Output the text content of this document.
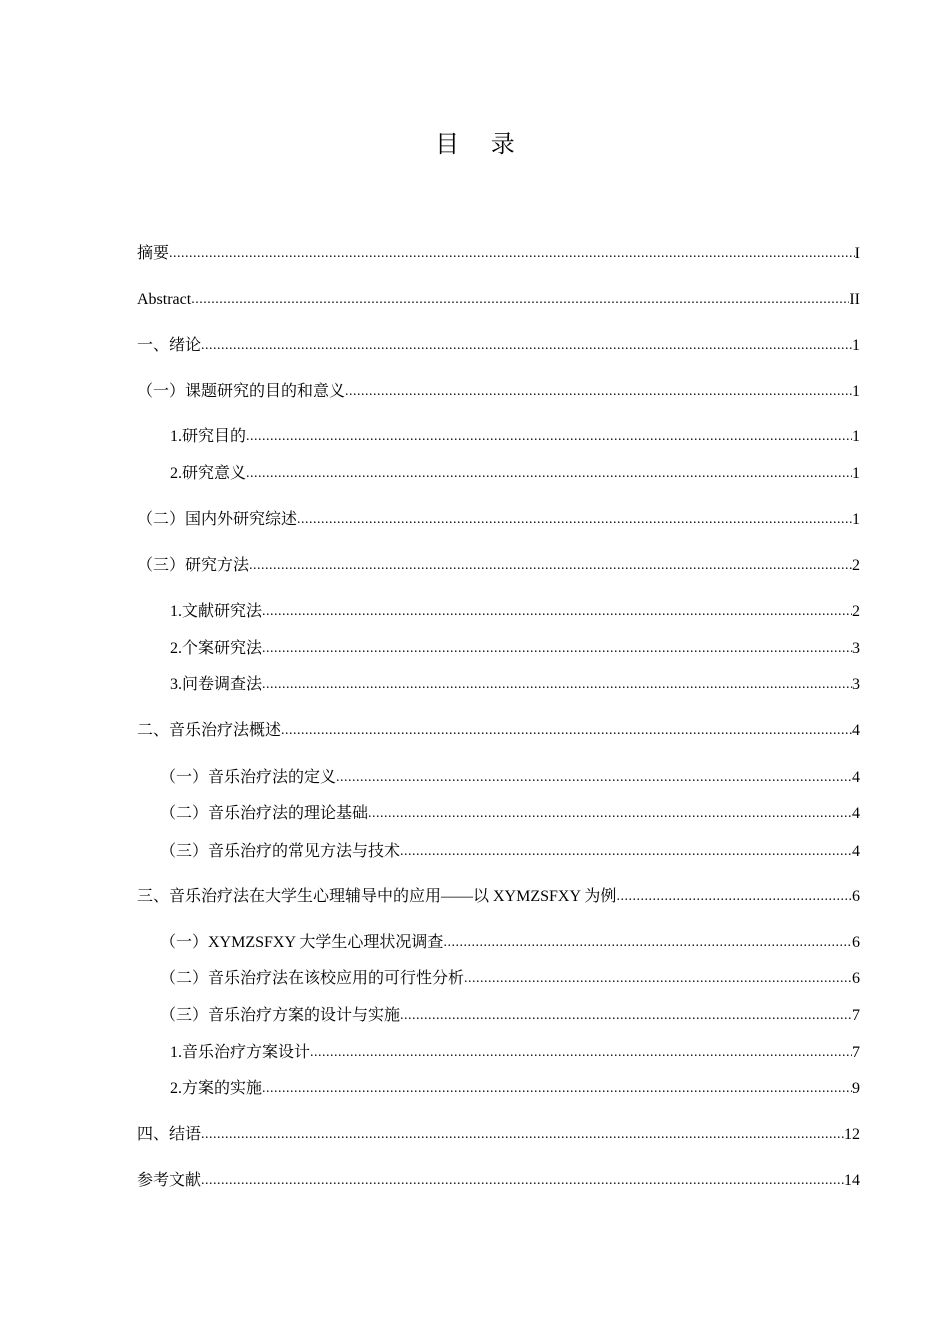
目 录
摘要 .....	I
Abstract .....	II
一、绪论 .....	1
（一）课题研究的目的和意义 .....	1
1.研究目的 .....	1
2.研究意义 .....	1
（二）国内外研究综述 .....	1
（三）研究方法 .....	2
1.文献研究法 .....	2
2.个案研究法 .....	3
3.问卷调查法 .....	3
二、音乐治疗法概述 .....	4
（一）音乐治疗法的定义 .....	4
（二）音乐治疗法的理论基础 .....	4
（三）音乐治疗的常见方法与技术 .....	4
三、音乐治疗法在大学生心理辅导中的应用——以 XYMZSFXY 为例 .....	6
（一）XYMZSFXY 大学生心理状况调查 .....	6
（二）音乐治疗法在该校应用的可行性分析 .....	6
（三）音乐治疗方案的设计与实施 .....	7
1.音乐治疗方案设计 .....	7
2.方案的实施 .....	9
四、结语 .....	12
参考文献 .....	14
